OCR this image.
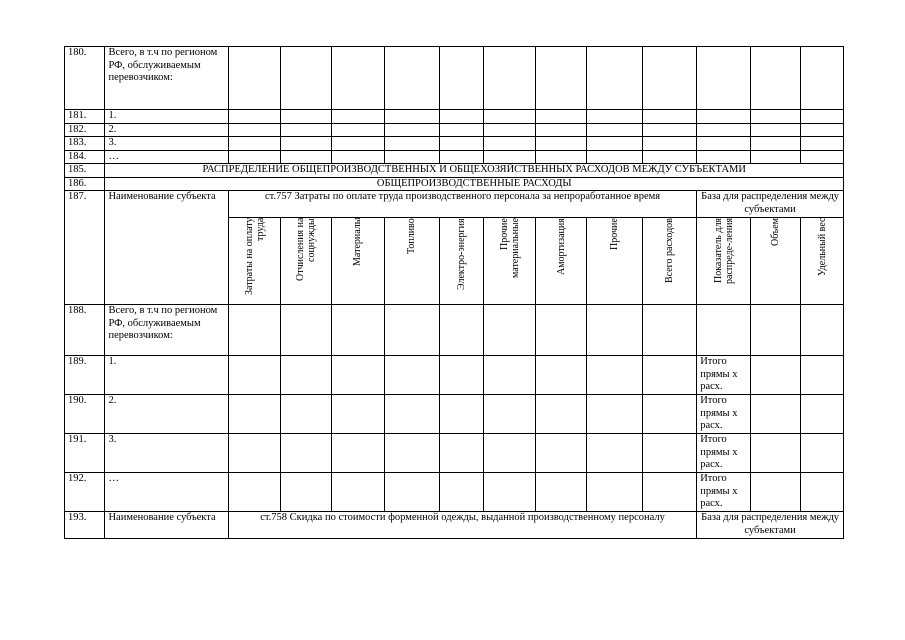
180.	Всего, в т.ч по регионом РФ, обслуживаемым перевозчиком:												
181.	1.												
182.	2.												
183.	3.												
184.	…												
185.	РАСПРЕДЕЛЕНИЕ ОБЩЕПРОИЗВОДСТВЕННЫХ И ОБЩЕХОЗЯЙСТВЕННЫХ РАСХОДОВ МЕЖДУ СУБЪЕКТАМИ												
186.	ОБЩЕПРОИЗВОДСТВЕННЫЕ РАСХОДЫ												
187.	Наименование субъекта	ст.757 Затраты по оплате труда производственного персонала за непроработанное время									База для распределения между субъектами		

		Затраты на оплату труда	Отчисления на соцнужды	Материалы	Топливо	Электро-энергия	Прочие материальные	Амортизация	Прочие	Всего расходов	Показатель для распреде-ления	Объем	Удельный вес

188.	Всего, в т.ч по регионом РФ, обслуживаемым перевозчиком:												
189.	1.										Итого прямы х расх.		
190.	2.										Итого прямы х расх.		
191.	3.										Итого прямы х расх.		
192.	…										Итого прямы х расх.		
193.	Наименование субъекта	ст.758 Скидка по стоимости форменной одежды, выданной производственному персоналу									База для распределения между субъектами		
